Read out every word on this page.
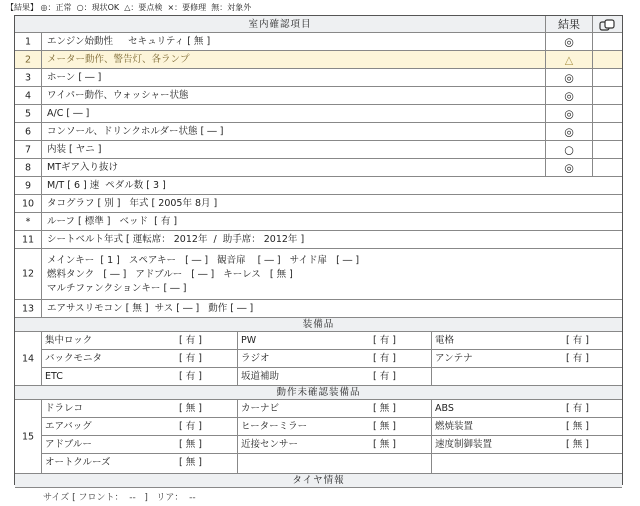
【結果】 ◎：正常  ○：現状OK  △：要点検  ×：要修理  無：対象外
室内確認項目	結果
1	エンジン始動性     セキュリティ [ 無 ]	◎
2	メーター動作、警告灯、各ランプ	△
3	ホーン [ ― ]	◎
4	ワイパー動作、ウォッシャー状態	◎
5	A/C [ ― ]	◎
6	コンソール、ドリンクホルダー状態 [ ― ]	◎
7	内装 [ ヤニ ]	○
8	MTギア入り抜け	◎
9	M/T [ 6 ] 速  ペダル数 [ 3 ]
10	タコグラフ [ 別 ]   年式 [ 2005年 8月 ]
*	ルーフ [ 標準 ]   ベッド  [ 有 ]
11	シートベルト年式 [ 運転席： 2012年  /  助手席： 2012年 ]
12
メインキー  [ 1 ]   スペアキー   [ ― ]   観音扉    [ ― ]   サイド扉   [ ― ]
燃料タンク   [ ― ]   アドブルー   [ ― ]   キーレス   [ 無 ]
マルチファンクションキー [ ― ]
13	エアサスリモコン [ 無 ]  サス [ ― ]   動作 [ ― ]
装備品
14
集中ロック	[ 有 ]	PW	[ 有 ]	電格	[ 有 ]
バックモニタ	[ 有 ]	ラジオ	[ 有 ]	アンテナ	[ 有 ]
ETC	[ 有 ]	坂道補助	[ 有 ]
動作未確認装備品
15
ドラレコ	[ 無 ]	カーナビ	[ 無 ]	ABS	[ 有 ]
エアバッグ	[ 有 ]	ヒーターミラー	[ 無 ]	燃焼装置	[ 無 ]
アドブルー	[ 無 ]	近接センサー	[ 無 ]	速度制御装置	[ 無 ]
オートクルーズ	[ 無 ]
タイヤ情報
サイズ [ フロント：  --   ]   リア：  --
